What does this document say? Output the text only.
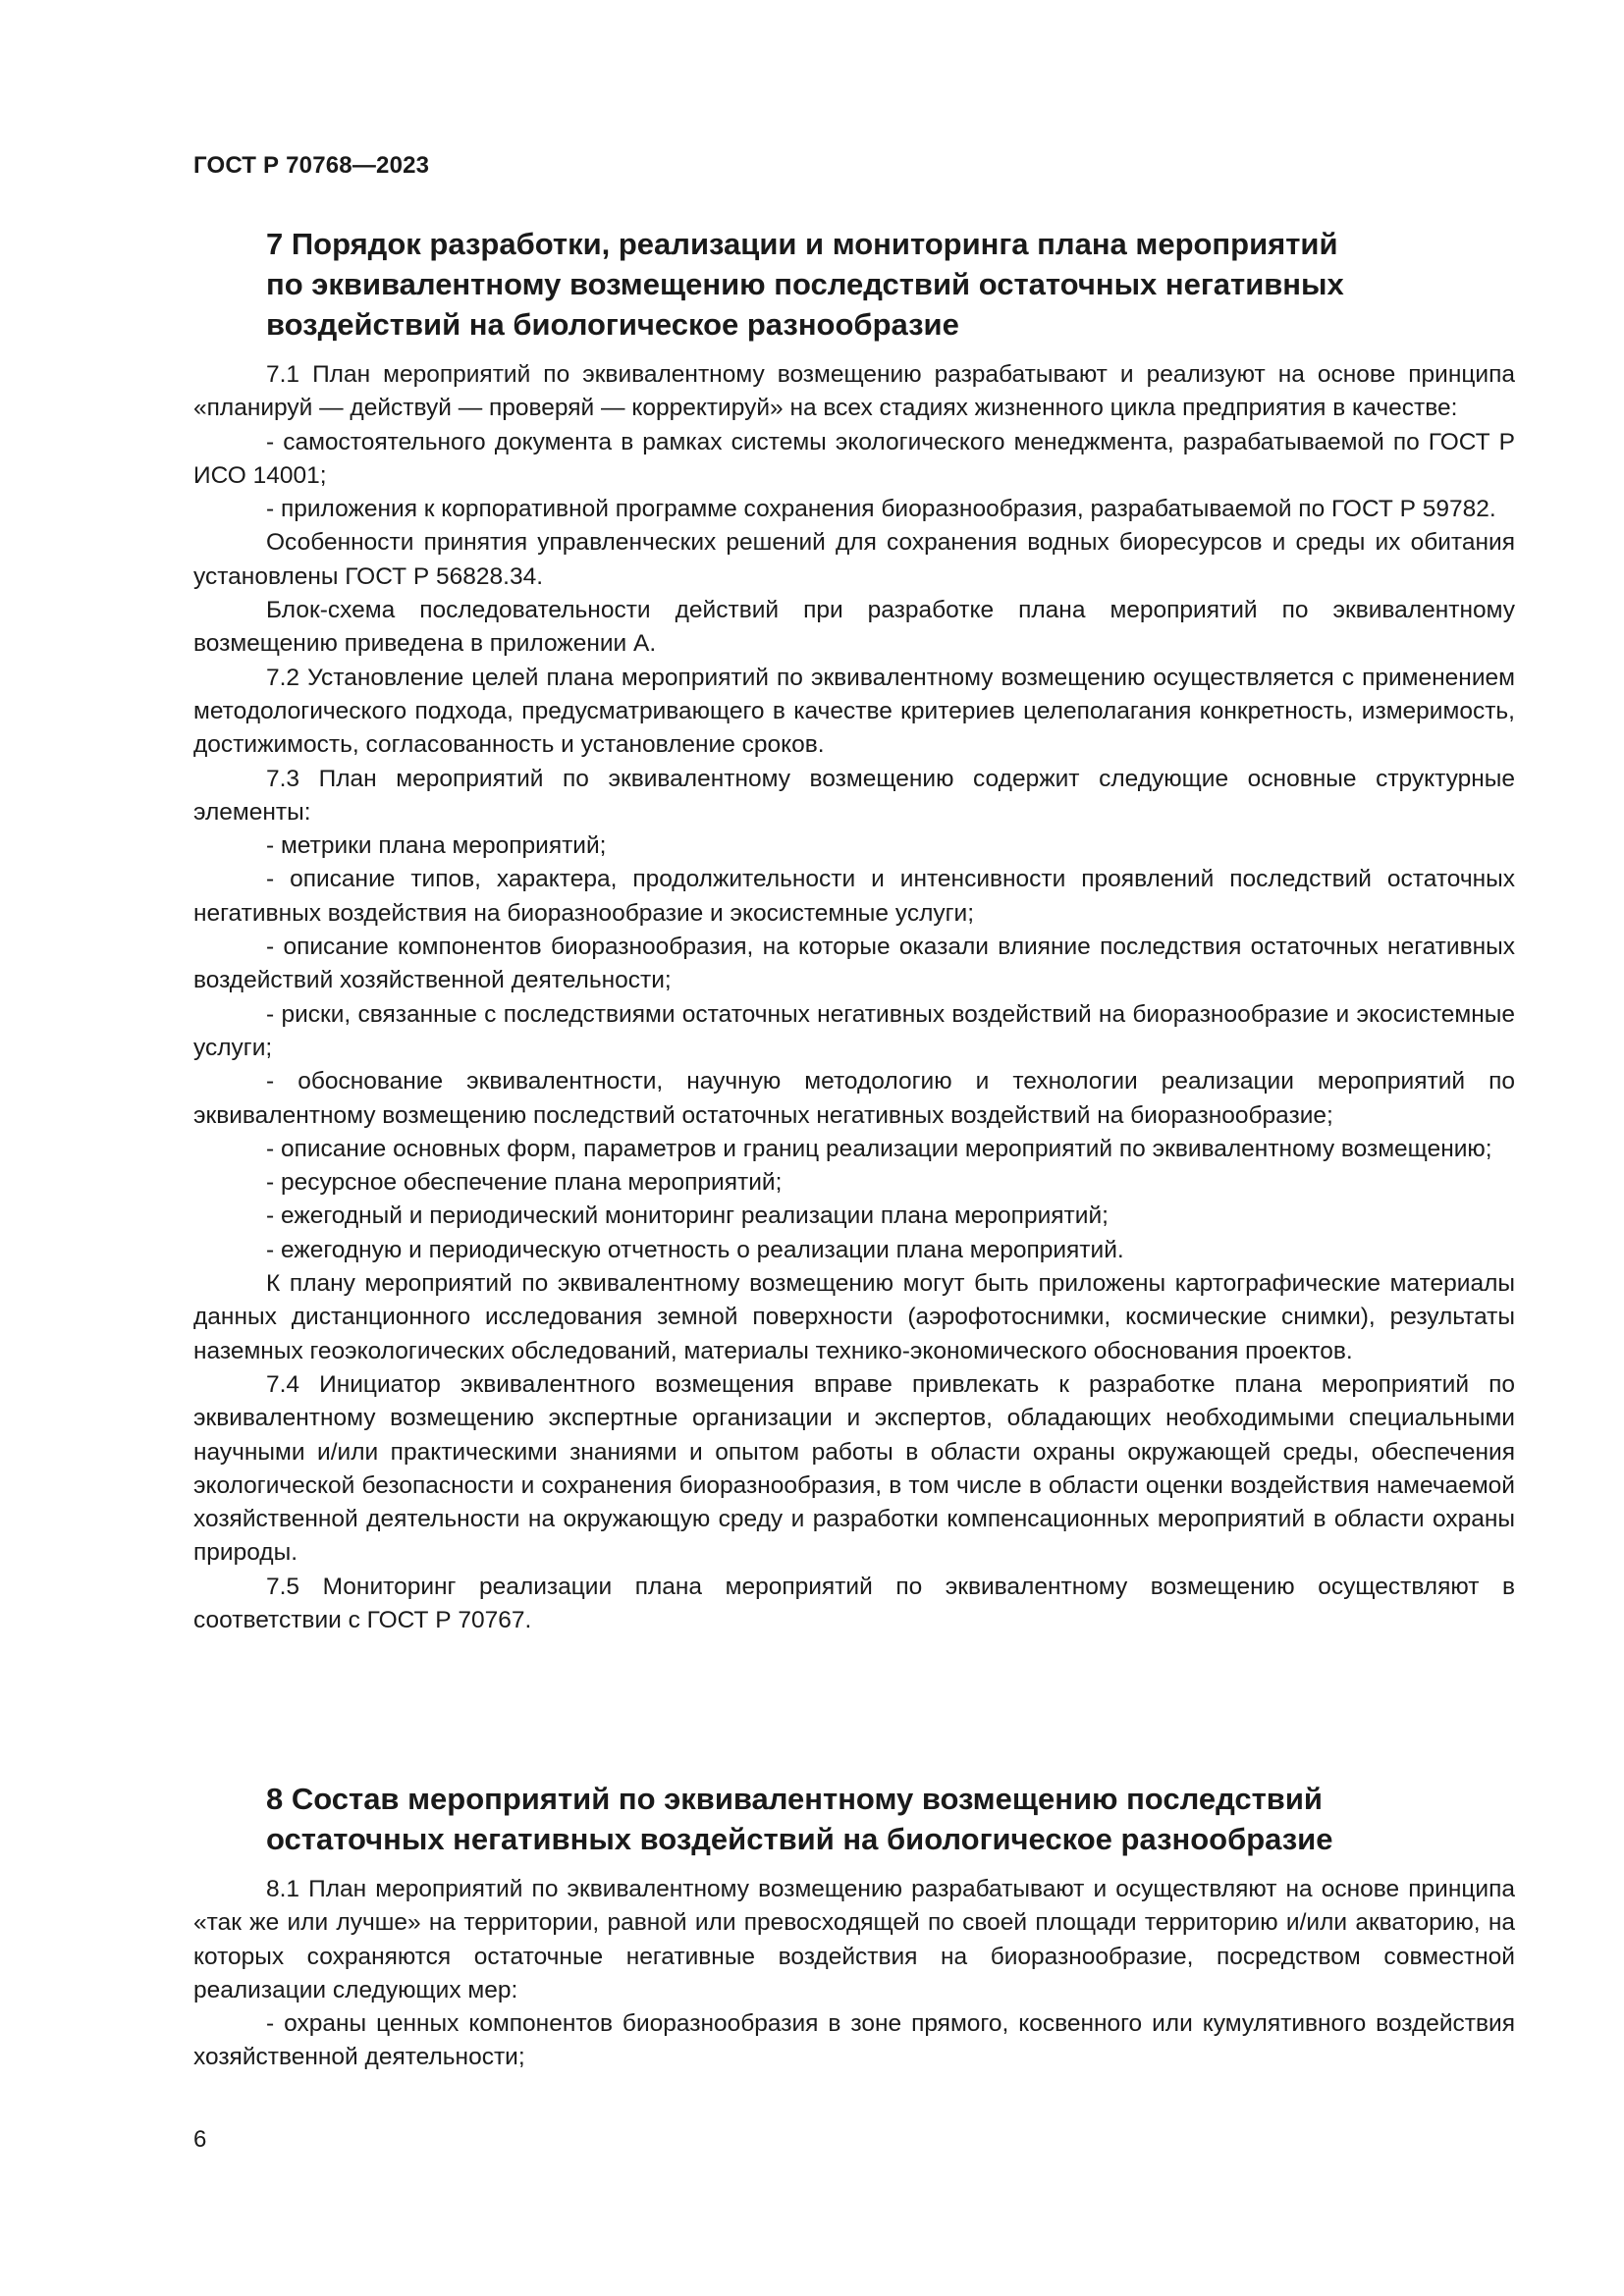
ГОСТ Р 70768—2023
7 Порядок разработки, реализации и мониторинга плана мероприятий
по эквивалентному возмещению последствий остаточных негативных
воздействий на биологическое разнообразие

7.1 План мероприятий по эквивалентному возмещению разрабатывают и реализуют на основе принципа «планируй — действуй — проверяй — корректируй» на всех стадиях жизненного цикла предприятия в качестве:

- самостоятельного документа в рамках системы экологического менеджмента, разрабатываемой по ГОСТ Р ИСО 14001;

- приложения к корпоративной программе сохранения биоразнообразия, разрабатываемой по ГОСТ Р 59782.

Особенности принятия управленческих решений для сохранения водных биоресурсов и среды их обитания установлены ГОСТ Р 56828.34.

Блок-схема последовательности действий при разработке плана мероприятий по эквивалентному возмещению приведена в приложении А.

7.2 Установление целей плана мероприятий по эквивалентному возмещению осуществляется с применением методологического подхода, предусматривающего в качестве критериев целеполагания конкретность, измеримость, достижимость, согласованность и установление сроков.

7.3 План мероприятий по эквивалентному возмещению содержит следующие основные структурные элементы:

- метрики плана мероприятий;

- описание типов, характера, продолжительности и интенсивности проявлений последствий остаточных негативных воздействия на биоразнообразие и экосистемные услуги;

- описание компонентов биоразнообразия, на которые оказали влияние последствия остаточных негативных воздействий хозяйственной деятельности;

- риски, связанные с последствиями остаточных негативных воздействий на биоразнообразие и экосистемные услуги;

- обоснование эквивалентности, научную методологию и технологии реализации мероприятий по эквивалентному возмещению последствий остаточных негативных воздействий на биоразнообразие;

- описание основных форм, параметров и границ реализации мероприятий по эквивалентному возмещению;

- ресурсное обеспечение плана мероприятий;

- ежегодный и периодический мониторинг реализации плана мероприятий;

- ежегодную и периодическую отчетность о реализации плана мероприятий.

К плану мероприятий по эквивалентному возмещению могут быть приложены картографические материалы данных дистанционного исследования земной поверхности (аэрофотоснимки, космические снимки), результаты наземных геоэкологических обследований, материалы технико-экономического обоснования проектов.

7.4 Инициатор эквивалентного возмещения вправе привлекать к разработке плана мероприятий по эквивалентному возмещению экспертные организации и экспертов, обладающих необходимыми специальными научными и/или практическими знаниями и опытом работы в области охраны окружающей среды, обеспечения экологической безопасности и сохранения биоразнообразия, в том числе в области оценки воздействия намечаемой хозяйственной деятельности на окружающую среду и разработки компенсационных мероприятий в области охраны природы.

7.5 Мониторинг реализации плана мероприятий по эквивалентному возмещению осуществляют в соответствии с ГОСТ Р 70767.

8 Состав мероприятий по эквивалентному возмещению последствий
остаточных негативных воздействий на биологическое разнообразие

8.1 План мероприятий по эквивалентному возмещению разрабатывают и осуществляют на основе принципа «так же или лучше» на территории, равной или превосходящей по своей площади территорию и/или акваторию, на которых сохраняются остаточные негативные воздействия на биоразнообразие, посредством совместной реализации следующих мер:

- охраны ценных компонентов биоразнообразия в зоне прямого, косвенного или кумулятивного воздействия хозяйственной деятельности;

6
